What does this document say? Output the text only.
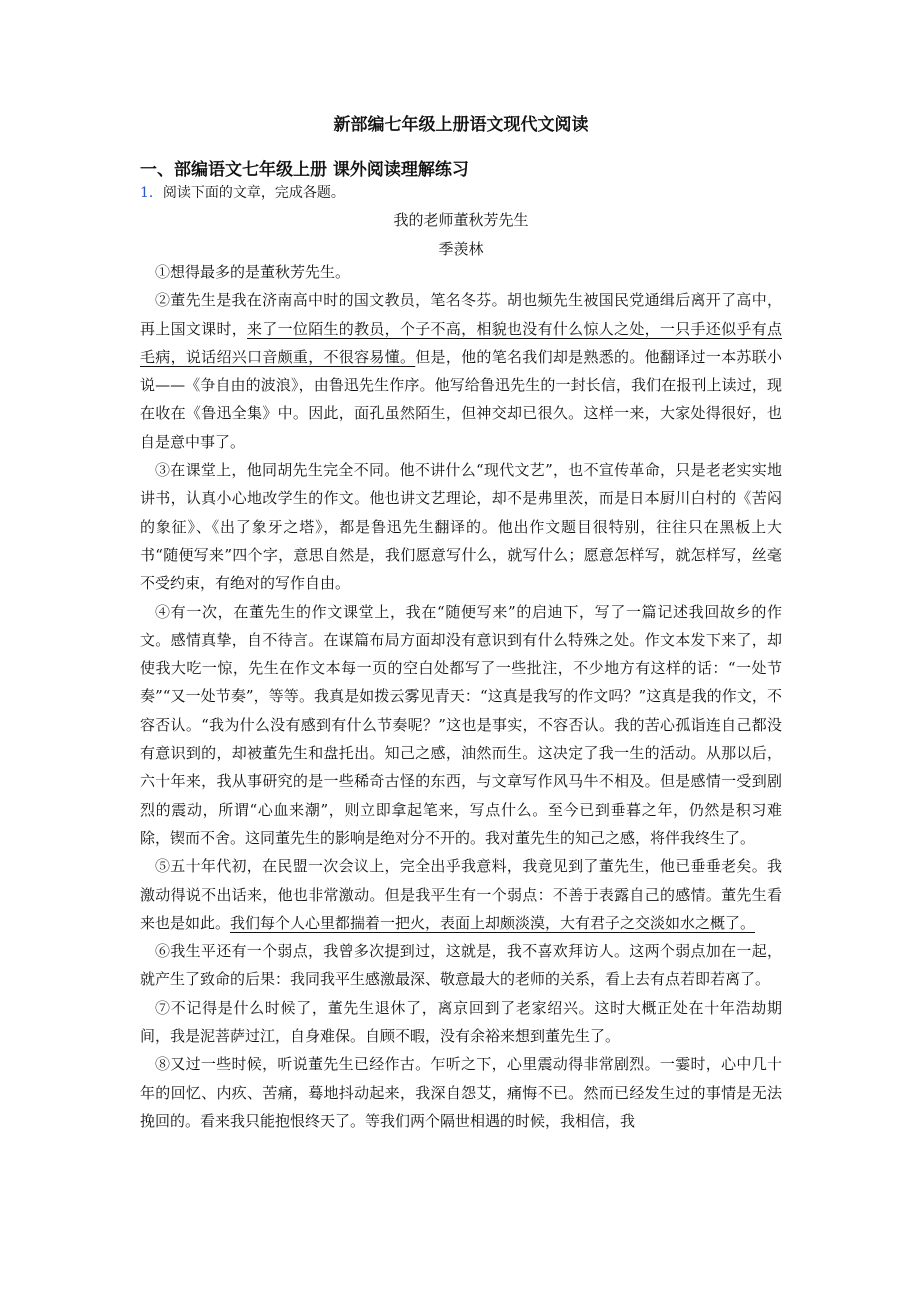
新部编七年级上册语文现代文阅读
一、部编语文七年级上册 课外阅读理解练习
1．阅读下面的文章，完成各题。
我的老师董秋芳先生
季羡林

①想得最多的是董秋芳先生。

②董先生是我在济南高中时的国文教员，笔名冬芬。胡也频先生被国民党通缉后离开了高中，再上国文课时，来了一位陌生的教员，个子不高，相貌也没有什么惊人之处，一只手还似乎有点毛病，说话绍兴口音颇重，不很容易懂。但是，他的笔名我们却是熟悉的。他翻译过一本苏联小说——《争自由的波浪》，由鲁迅先生作序。他写给鲁迅先生的一封长信，我们在报刊上读过，现在收在《鲁迅全集》中。因此，面孔虽然陌生，但神交却已很久。这样一来，大家处得很好，也自是意中事了。

③在课堂上，他同胡先生完全不同。他不讲什么“现代文艺”，也不宣传革命，只是老老实实地讲书，认真小心地改学生的作文。他也讲文艺理论，却不是弗里茨，而是日本厨川白村的《苦闷的象征》、《出了象牙之塔》，都是鲁迅先生翻译的。他出作文题目很特别，往往只在黑板上大书“随便写来”四个字，意思自然是，我们愿意写什么，就写什么；愿意怎样写，就怎样写，丝毫不受约束，有绝对的写作自由。

④有一次，在董先生的作文课堂上，我在“随便写来”的启迪下，写了一篇记述我回故乡的作文。感情真挚，自不待言。在谋篇布局方面却没有意识到有什么特殊之处。作文本发下来了，却使我大吃一惊，先生在作文本每一页的空白处都写了一些批注，不少地方有这样的话：“一处节奏”“又一处节奏”，等等。我真是如拨云雾见青天：“这真是我写的作文吗？”这真是我的作文，不容否认。“我为什么没有感到有什么节奏呢？”这也是事实，不容否认。我的苦心孤诣连自己都没有意识到的，却被董先生和盘托出。知己之感，油然而生。这决定了我一生的活动。从那以后，六十年来，我从事研究的是一些稀奇古怪的东西，与文章写作风马牛不相及。但是感情一受到剧烈的震动，所谓“心血来潮”，则立即拿起笔来，写点什么。至今已到垂暮之年，仍然是积习难除，锲而不舍。这同董先生的影响是绝对分不开的。我对董先生的知己之感，将伴我终生了。

⑤五十年代初，在民盟一次会议上，完全出乎我意料，我竟见到了董先生，他已垂垂老矣。我激动得说不出话来，他也非常激动。但是我平生有一个弱点：不善于表露自己的感情。董先生看来也是如此。我们每个人心里都揣着一把火，表面上却颇淡漠，大有君子之交淡如水之概了。

⑥我生平还有一个弱点，我曾多次提到过，这就是，我不喜欢拜访人。这两个弱点加在一起，就产生了致命的后果：我同我平生感激最深、敬意最大的老师的关系，看上去有点若即若离了。

⑦不记得是什么时候了，董先生退休了，离京回到了老家绍兴。这时大概正处在十年浩劫期间，我是泥菩萨过江，自身难保。自顾不暇，没有余裕来想到董先生了。

⑧又过一些时候，听说董先生已经作古。乍听之下，心里震动得非常剧烈。一霎时，心中几十年的回忆、内疚、苦痛，蓦地抖动起来，我深自怨艾，痛悔不已。然而已经发生过的事情是无法挽回的。看来我只能抱恨终天了。等我们两个隔世相遇的时候，我相信，我
